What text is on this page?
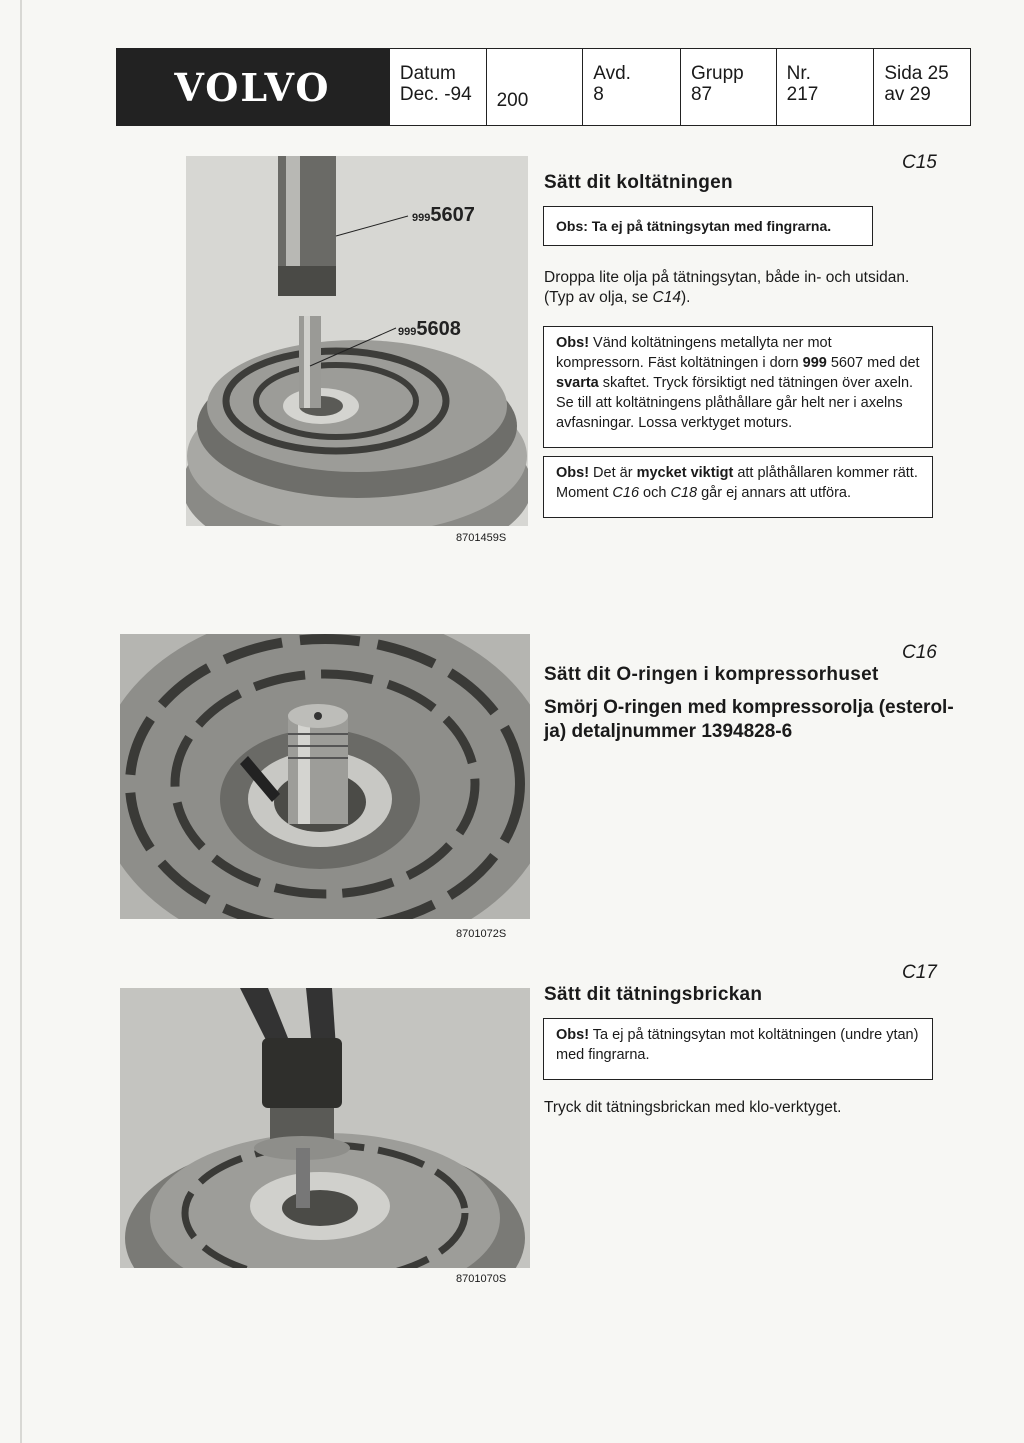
VOLVO	Datum
Dec. -94 200
Avd.
8
Grupp
87
Nr.
217
Sida 25
av 29
9995607
9995608
8701459S
C15
Sätt dit koltätningen
Obs: Ta ej på tätningsytan med fingrarna.
Droppa lite olja på tätningsytan, både in- och utsidan.
(Typ av olja, se C14).
Obs! Vänd koltätningens metallyta ner mot kompressorn. Fäst koltätningen i dorn 999 5607 med det svarta skaftet. Tryck försiktigt ned tätningen över axeln. Se till att koltätningens plåthållare går helt ner i axelns avfasningar. Lossa verktyget moturs.
Obs! Det är mycket viktigt att plåthållaren kommer rätt. Moment C16 och C18 går ej annars att utföra.
8701072S
C16
Sätt dit O-ringen i kompressorhuset
Smörj O-ringen med kompressorolja (esterol-
ja) detaljnummer 1394828-6
8701070S
C17
Sätt dit tätningsbrickan
Obs! Ta ej på tätningsytan mot koltätningen (undre ytan) med fingrarna.
Tryck dit tätningsbrickan med klo-verktyget.
